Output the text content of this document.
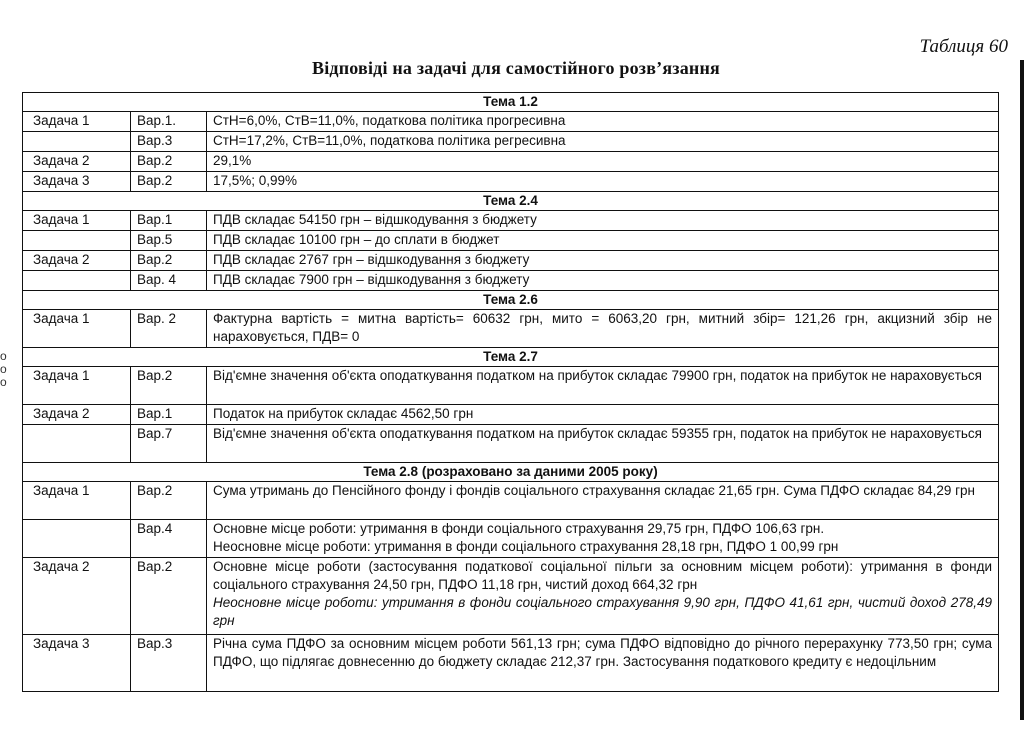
Таблиця 60
Відповіді на задачі для самостійного розв’язання
о
о
о
Тема 1.2		
Задача 1	Вар.1.	СтН=6,0%, СтВ=11,0%, податкова політика прогресивна
	Вар.3	СтН=17,2%, СтВ=11,0%, податкова політика регресивна
Задача 2	Вар.2	29,1%
Задача 3	Вар.2	17,5%; 0,99%
Тема 2.4		
Задача 1	Вар.1	ПДВ складає 54150 грн – відшкодування з бюджету
	Вар.5	ПДВ складає 10100 грн – до сплати в бюджет
Задача 2	Вар.2	ПДВ складає 2767 грн – відшкодування з бюджету
	Вар. 4	ПДВ складає 7900 грн – відшкодування з бюджету
Тема 2.6		
Задача 1	Вар. 2	Фактурна вартість = митна вартість= 60632 грн, мито = 6063,20 грн, митний збір= 121,26 грн, акцизний збір не нараховується, ПДВ= 0
Тема 2.7		
Задача 1	Вар.2	Від'ємне значення об'єкта оподаткування податком на прибуток складає 79900 грн, податок на прибуток не нараховується
Задача 2	Вар.1	Податок на прибуток складає 4562,50 грн
	Вар.7	Від'ємне значення об'єкта оподаткування податком на прибуток складає 59355 грн, податок на прибуток не нараховується
Тема 2.8 (розраховано за даними 2005 року)		
Задача 1	Вар.2	Сума утримань до Пенсійного фонду і фондів соціального страхування складає 21,65 грн. Сума ПДФО складає 84,29 грн
	Вар.4	Основне місце роботи: утримання в фонди соціального страхування 29,75 грн, ПДФО 106,63 грн.
Неосновне місце роботи: утримання в фонди соціального страхування 28,18 грн, ПДФО 1 00,99 грн

Задача 2	Вар.2	Основне місце роботи (застосування податкової соціальної пільги за основним місцем роботи): утримання в фонди соціального страхування 24,50 грн, ПДФО 11,18 грн, чистий доход 664,32 грн
Неосновне місце роботи: утримання в фонди соціального страхування 9,90 грн, ПДФО 41,61 грн, чистий доход 278,49 грн

Задача 3	Вар.3	Річна сума ПДФО за основним місцем роботи 561,13 грн; сума ПДФО відповідно до річного перерахунку 773,50 грн; сума ПДФО, що підлягає довнесенню до бюджету складає 212,37 грн. Застосування податкового кредиту є недоцільним
